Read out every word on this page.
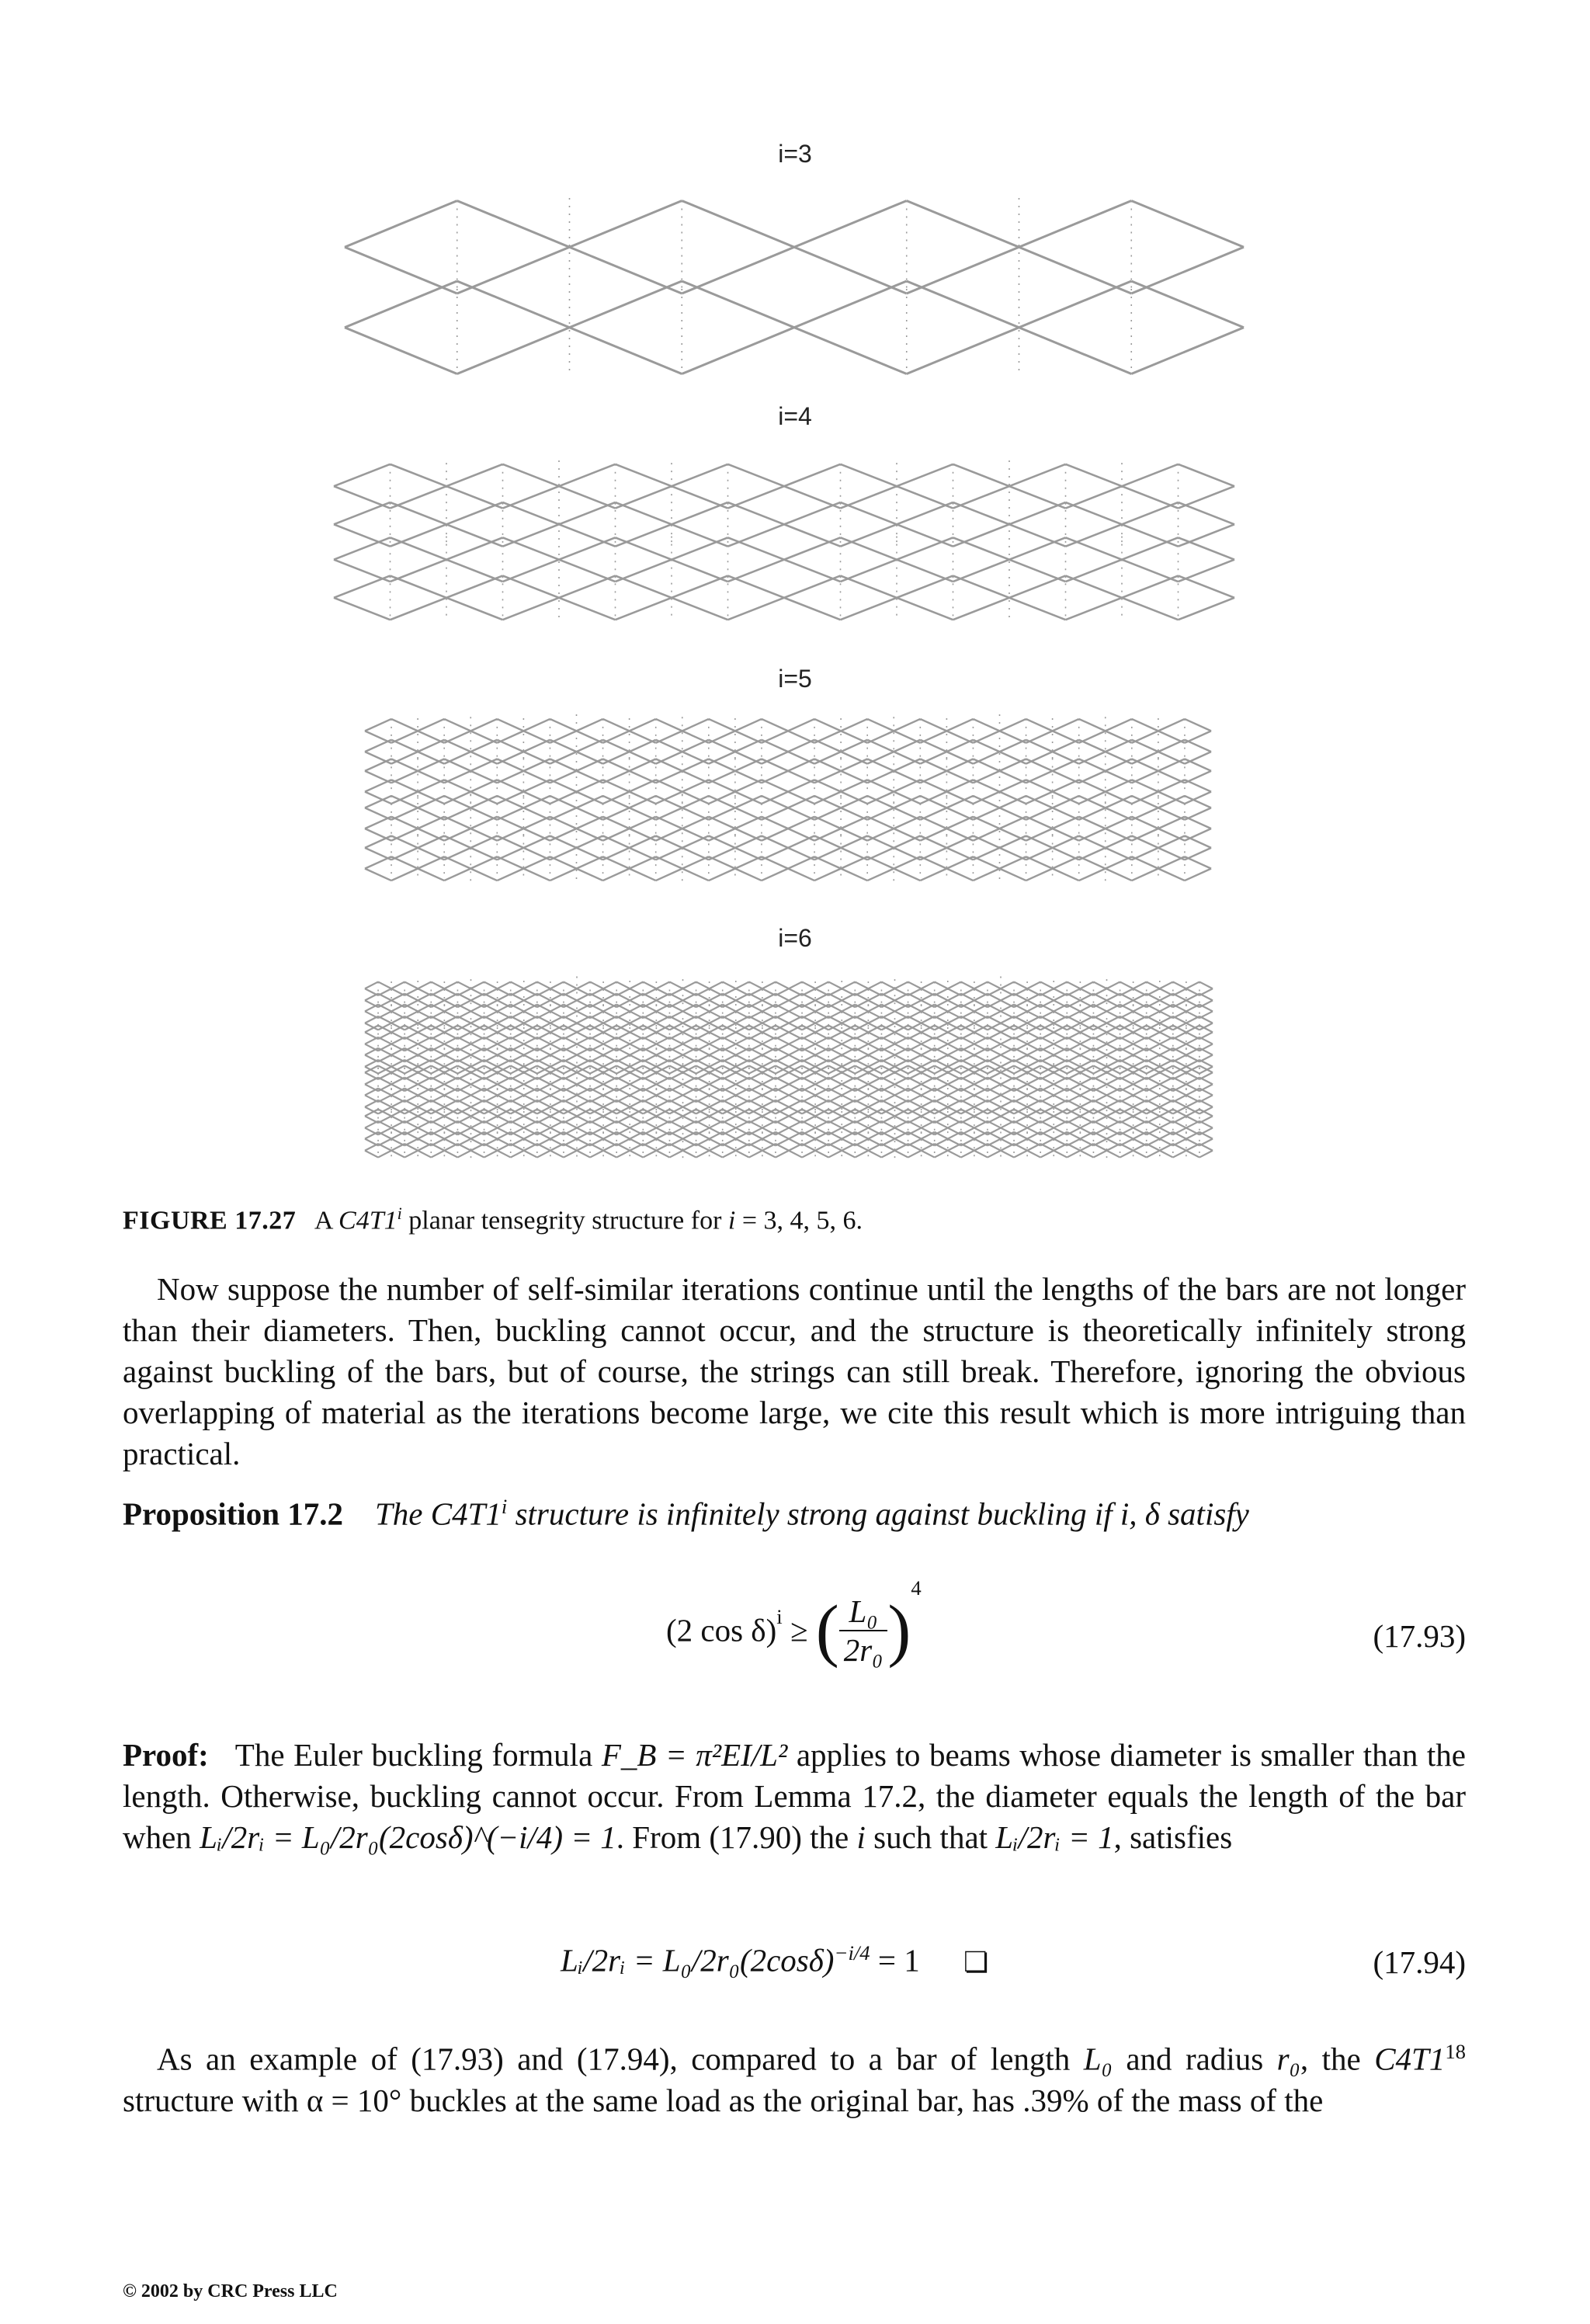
i=3
i=4
i=5
i=6
FIGURE 17.27 A C4T1$^i$ planar tensegrity structure for i = 3, 4, 5, 6.
Now suppose the number of self-similar iterations continue until the lengths of the bars are not longer than their diameters. Then, buckling cannot occur, and the structure is theoretically infinitely strong against buckling of the bars, but of course, the strings can still break. Therefore, ignoring the obvious overlapping of material as the iterations become large, we cite this result which is more intriguing than practical.
Proposition 17.2 The C4T1$^i$ structure is infinitely strong against buckling if i, δ satisfy
(2 cos δ)$^i$ ≥ ( $\frac{\text{L₀}}{\text{2r₀}} )^4$
(17.93)
Proof: The Euler buckling formula F_B = π²EI/L² applies to beams whose diameter is smaller than the length. Otherwise, buckling cannot occur. From Lemma 17.2, the diameter equals the length of the bar when Lᵢ/2rᵢ = L₀/2r₀(2cosδ)^(−i/4) = 1. From (17.90) the i such that Lᵢ/2rᵢ = 1, satisfies
Lᵢ/2rᵢ = $L_0/2r_0(2\cos\delta)^{-i/4} = 1$ ❏	(17.94)
As an example of (17.93) and (17.94), compared to a bar of length L₀ and radius r₀, the $C4T1^{18}$ structure with α = 10° buckles at the same load as the original bar, has .39% of the mass of the
© 2002 by CRC Press LLC
